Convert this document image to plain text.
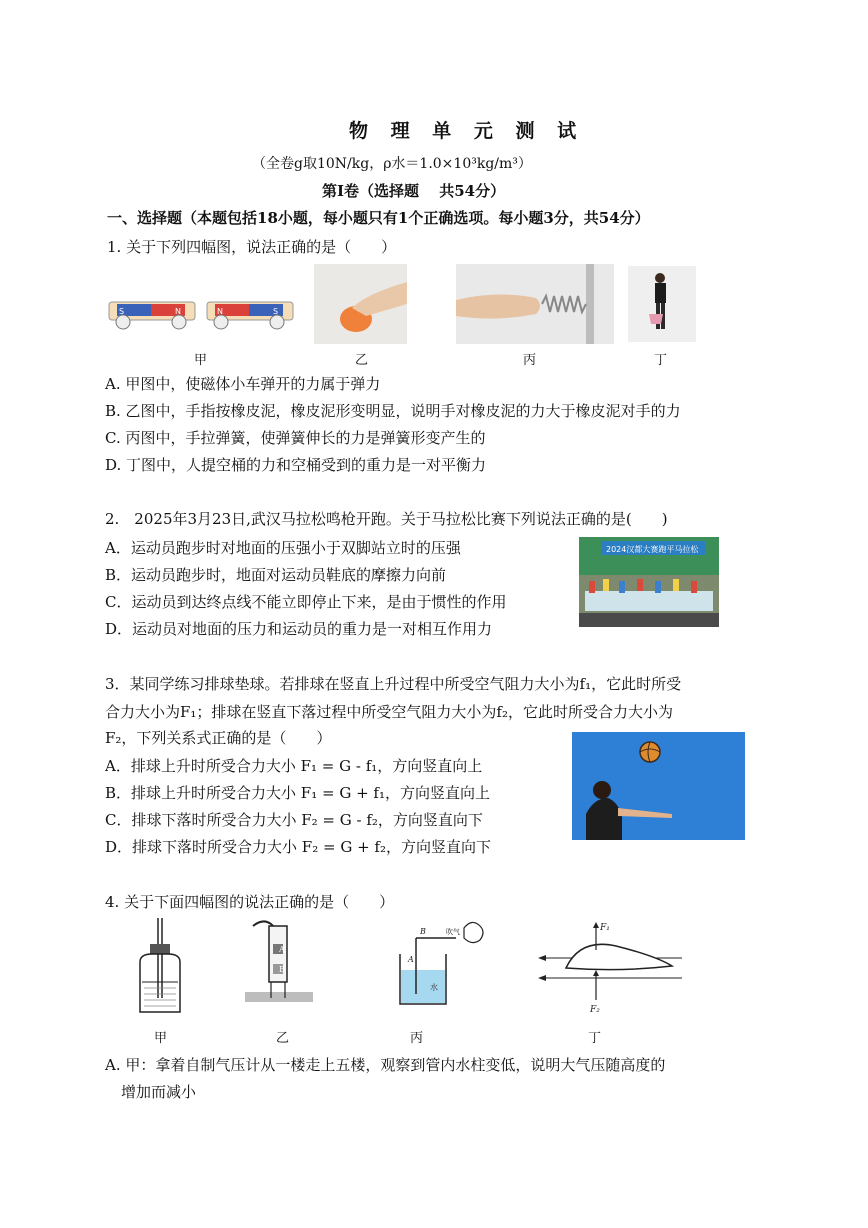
物 理 单 元 测 试
（全卷g取10N/kg，ρ水＝1.0×10³kg/m³）
第Ⅰ卷（选择题　 共54分）
一、选择题（本题包括18小题，每小题只有1个正确选项。每小题3分，共54分）
1. 关于下列四幅图，说法正确的是（　　）
S	N	N	S
甲	乙	丙	丁
A. 甲图中，使磁体小车弹开的力属于弹力
B. 乙图中，手指按橡皮泥，橡皮泥形变明显，说明手对橡皮泥的力大于橡皮泥对手的力
C. 丙图中，手拉弹簧，使弹簧伸长的力是弹簧形变产生的
D. 丁图中，人提空桶的力和空桶受到的重力是一对平衡力
2.　2025年3月23日,武汉马拉松鸣枪开跑。关于马拉松比赛下列说法正确的是(　　)
A．运动员跑步时对地面的压强小于双脚站立时的压强
B．运动员跑步时，地面对运动员鞋底的摩擦力向前
C．运动员到达终点线不能立即停止下来，是由于惯性的作用
D．运动员对地面的压力和运动员的重力是一对相互作用力
2024汉都大赛跑平马拉松
3．某同学练习排球垫球。若排球在竖直上升过程中所受空气阻力大小为f₁，它此时所受
合力大小为F₁；排球在竖直下落过程中所受空气阻力大小为f₂，它此时所受合力大小为
F₂，下列关系式正确的是（　　）
A．排球上升时所受合力大小 F₁ = G - f₁，方向竖直向上
B．排球上升时所受合力大小 F₁ = G + f₁，方向竖直向上
C．排球下落时所受合力大小 F₂ = G - f₂，方向竖直向下
D．排球下落时所受合力大小 F₂ = G + f₂，方向竖直向下
4. 关于下面四幅图的说法正确的是（　　）
A
B
水
A
B	吹气	F₁
F₂
甲	乙	丙	丁
A. 甲：拿着自制气压计从一楼走上五楼，观察到管内水柱变低，说明大气压随高度的
增加而减小
